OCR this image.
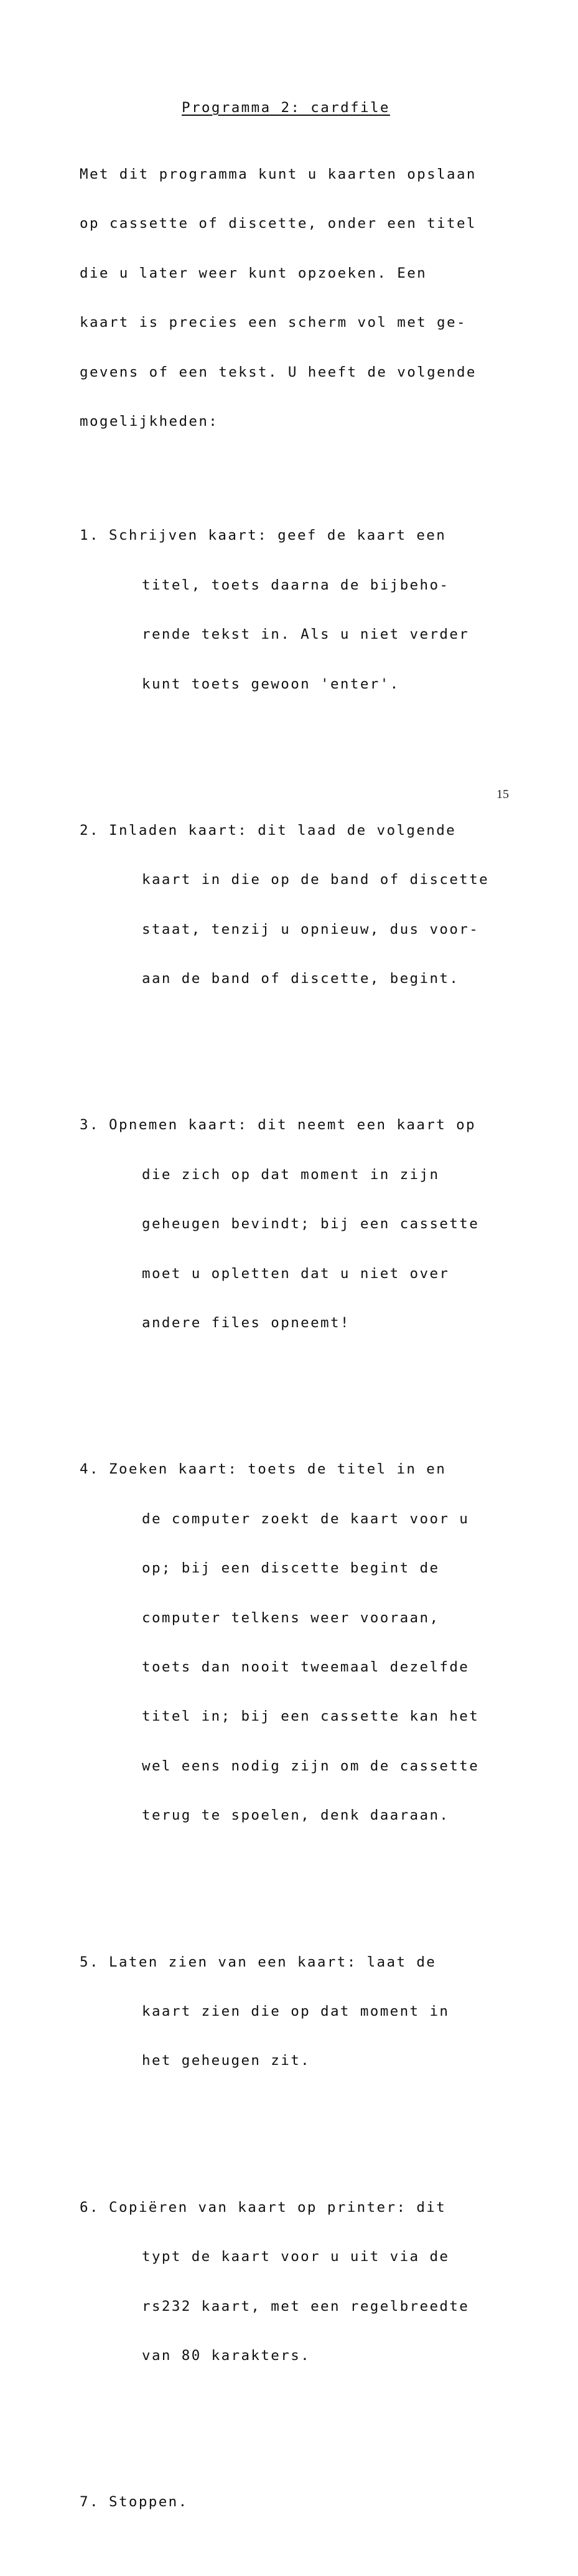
Programma 2: cardfile

Met dit programma kunt u kaarten opslaan

op cassette of discette, onder een titel

die u later weer kunt opzoeken. Een

kaart is precies een scherm vol met ge-

gevens of een tekst. U heeft de volgende

mogelijkheden:

1. Schrijven kaart: geef de kaart een

titel, toets daarna de bijbeho-

rende tekst in. Als u niet verder

kunt toets gewoon 'enter'.

2. Inladen kaart: dit laad de volgende

kaart in die op de band of discette

staat, tenzij u opnieuw, dus voor-

aan de band of discette, begint.

3. Opnemen kaart: dit neemt een kaart op

die zich op dat moment in zijn

geheugen bevindt; bij een cassette

moet u opletten dat u niet over

andere files opneemt!

4. Zoeken kaart: toets de titel in en

de computer zoekt de kaart voor u

op; bij een discette begint de

computer telkens weer vooraan,

toets dan nooit tweemaal dezelfde

titel in; bij een cassette kan het

wel eens nodig zijn om de cassette

terug te spoelen, denk daaraan.

5. Laten zien van een kaart: laat de

kaart zien die op dat moment in

het geheugen zit.

6. Copiëren van kaart op printer: dit

typt de kaart voor u uit via de

rs232 kaart, met een regelbreedte

van 80 karakters.

7. Stoppen.

15
